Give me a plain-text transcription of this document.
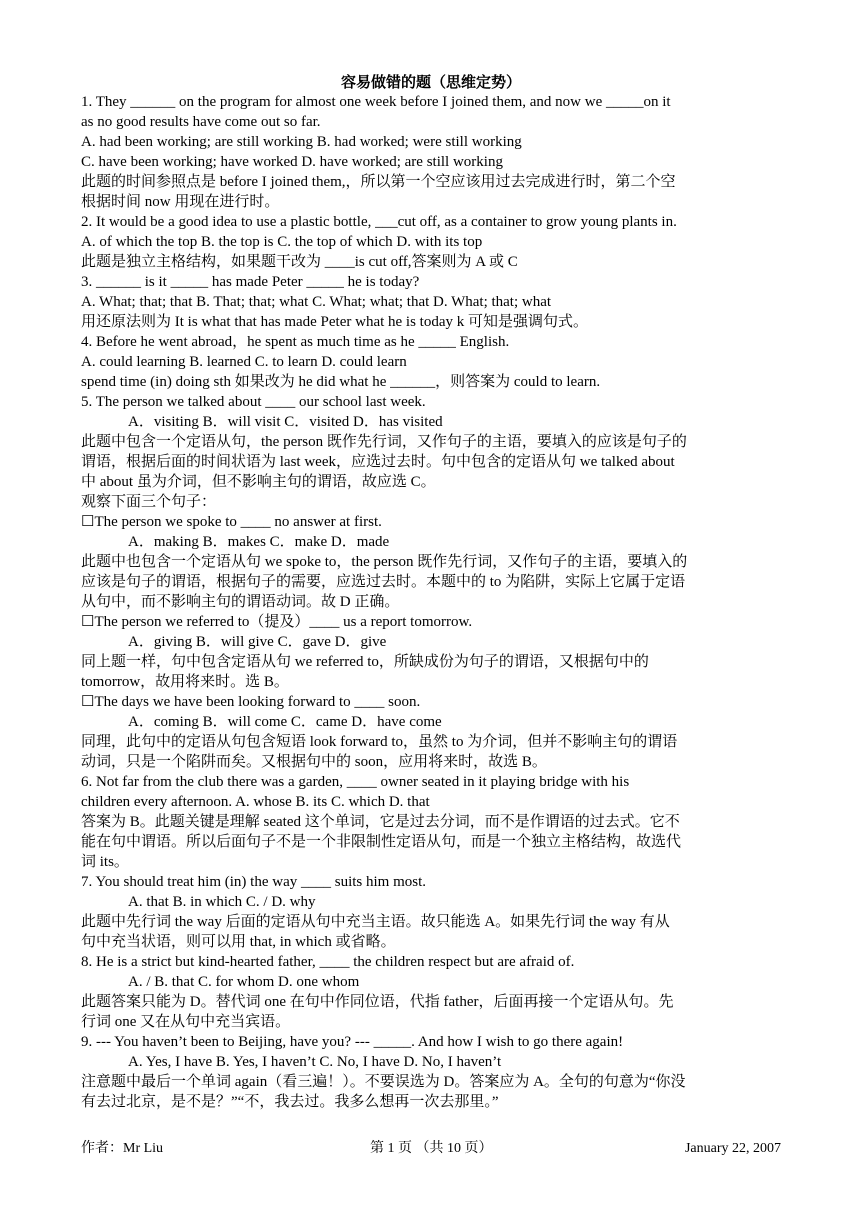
容易做错的题（思维定势）
1. They ______ on the program for almost one week before I joined them, and now we _____on it
as no good results have come out so far.
A. had been working; are still working B. had worked; were still working
C. have been working; have worked D. have worked; are still working
此题的时间参照点是 before I joined them,，所以第一个空应该用过去完成进行时，第二个空
根据时间 now 用现在进行时。
2. It would be a good idea to use a plastic bottle, ___cut off, as a container to grow young plants in.
A. of which the top B. the top is C. the top of which D. with its top
此题是独立主格结构，如果题干改为 ____is cut off,答案则为 A 或 C
3. ______ is it _____ has made Peter _____ he is today?
A. What; that; that B. That; that; what C. What; what; that D. What; that; what
用还原法则为 It is what that has made Peter what he is today k 可知是强调句式。
4. Before he went abroad，he spent as much time as he _____ English.
A. could learning B. learned C. to learn D. could learn
spend time (in) doing sth 如果改为 he did what he ______，则答案为 could to learn.
5. The person we talked about ____ our school last week.
A．visiting B．will visit C．visited D．has visited
此题中包含一个定语从句，the person 既作先行词，又作句子的主语，要填入的应该是句子的
谓语，根据后面的时间状语为 last week，应选过去时。句中包含的定语从句 we talked about
中 about 虽为介词，但不影响主句的谓语，故应选 C。
观察下面三个句子：
☐The person we spoke to ____ no answer at first.
A．making B．makes C．make D．made
此题中也包含一个定语从句 we spoke to，the person 既作先行词，又作句子的主语，要填入的
应该是句子的谓语，根据句子的需要，应选过去时。本题中的 to 为陷阱，实际上它属于定语
从句中，而不影响主句的谓语动词。故 D 正确。
☐The person we referred to（提及）____ us a report tomorrow.
A．giving B．will give C．gave D．give
同上题一样，句中包含定语从句 we referred to，所缺成份为句子的谓语，又根据句中的
tomorrow，故用将来时。选 B。
☐The days we have been looking forward to ____ soon.
A．coming B．will come C．came D．have come
同理，此句中的定语从句包含短语 look forward to，虽然 to 为介词，但并不影响主句的谓语
动词，只是一个陷阱而矣。又根据句中的 soon，应用将来时，故选 B。
6. Not far from the club there was a garden, ____ owner seated in it playing bridge with his
children every afternoon. A. whose B. its C. which D. that
答案为 B。此题关键是理解 seated 这个单词，它是过去分词，而不是作谓语的过去式。它不
能在句中谓语。所以后面句子不是一个非限制性定语从句，而是一个独立主格结构，故选代
词 its。
7. You should treat him (in) the way ____ suits him most.
A. that B. in which C. / D. why
此题中先行词 the way 后面的定语从句中充当主语。故只能选 A。如果先行词 the way 有从
句中充当状语，则可以用 that, in which 或省略。
8. He is a strict but kind-hearted father, ____ the children respect but are afraid of.
A. / B. that C. for whom D. one whom
此题答案只能为 D。替代词 one 在句中作同位语，代指 father，后面再接一个定语从句。先
行词 one 又在从句中充当宾语。
9. --- You haven’t been to Beijing, have you? --- _____. And how I wish to go there again!
A. Yes, I have B. Yes, I haven’t C. No, I have D. No, I haven’t
注意题中最后一个单词 again（看三遍！）。不要误选为 D。答案应为 A。全句的句意为“你没
有去过北京，是不是？”“不，我去过。我多么想再一次去那里。”
作者：Mr Liu	第 1 页 （共 10 页）	January 22, 2007
